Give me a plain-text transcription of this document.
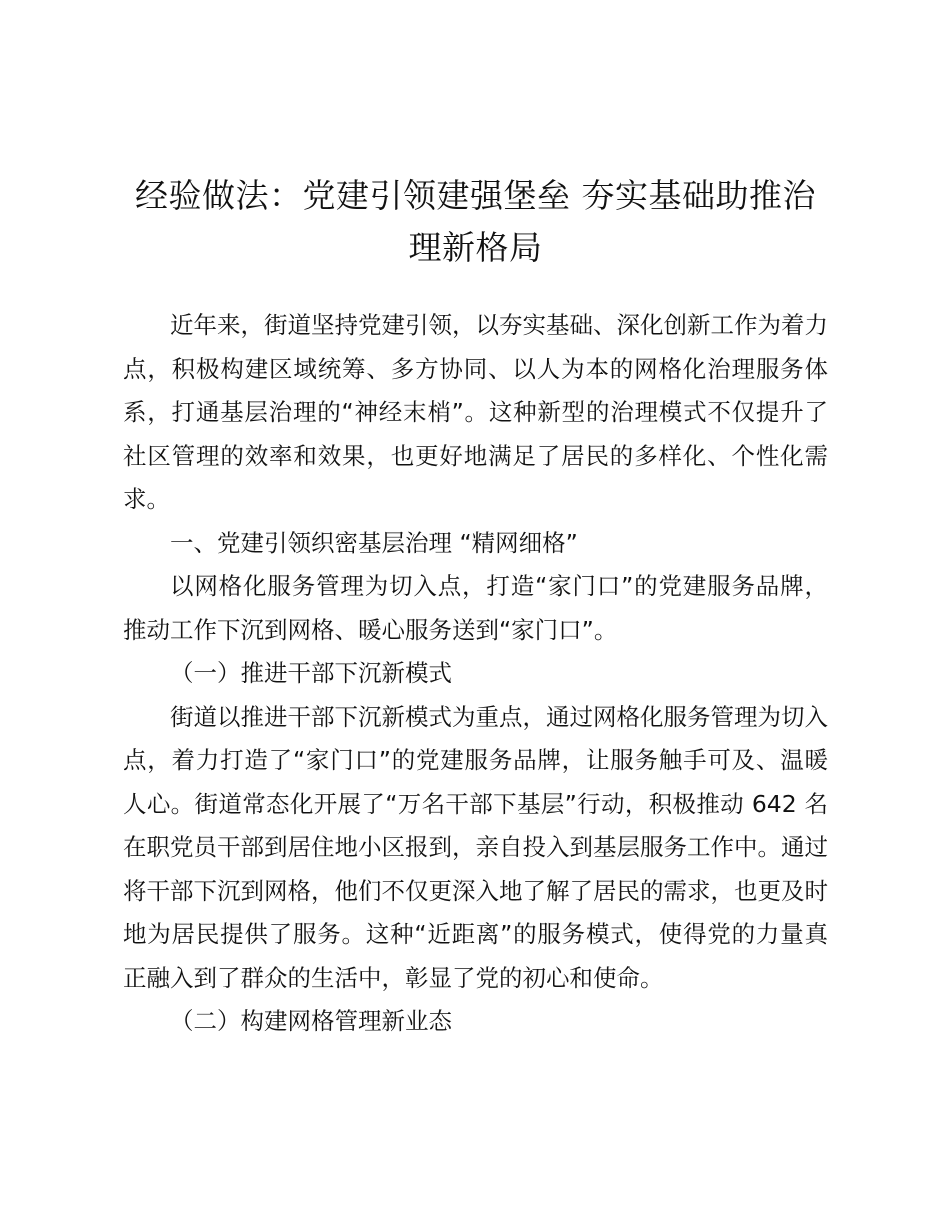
经验做法：党建引领建强堡垒 夯实基础助推治理新格局

近年来，街道坚持党建引领，以夯实基础、深化创新工作为着力点，积极构建区域统筹、多方协同、以人为本的网格化治理服务体系，打通基层治理的“神经末梢”。这种新型的治理模式不仅提升了社区管理的效率和效果，也更好地满足了居民的多样化、个性化需求。

一、党建引领织密基层治理 “精网细格”

以网格化服务管理为切入点，打造“家门口”的党建服务品牌，推动工作下沉到网格、暖心服务送到“家门口”。

（一）推进干部下沉新模式

街道以推进干部下沉新模式为重点，通过网格化服务管理为切入点，着力打造了“家门口”的党建服务品牌，让服务触手可及、温暖人心。街道常态化开展了“万名干部下基层”行动，积极推动 642 名在职党员干部到居住地小区报到，亲自投入到基层服务工作中。通过将干部下沉到网格，他们不仅更深入地了解了居民的需求，也更及时地为居民提供了服务。这种“近距离”的服务模式，使得党的力量真正融入到了群众的生活中，彰显了党的初心和使命。

（二）构建网格管理新业态
